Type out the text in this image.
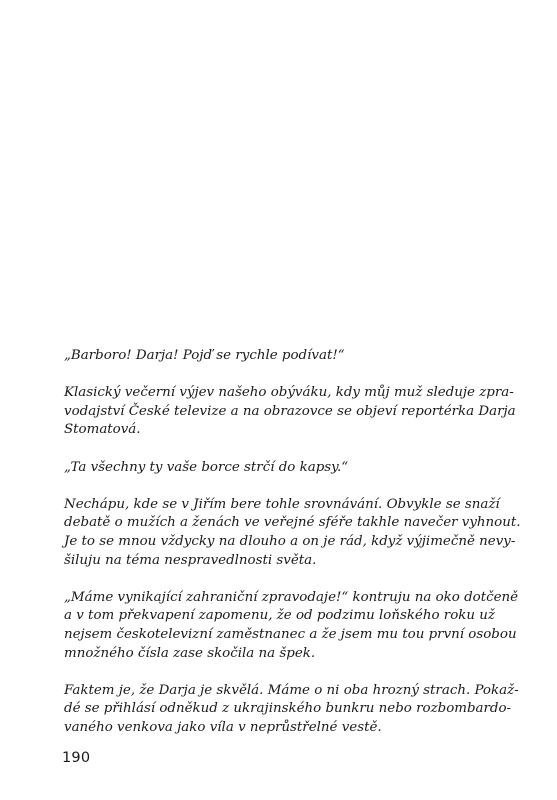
„Barboro! Darja! Pojď se rychle podívat!“

Klasický večerní výjev našeho obýváku, kdy můj muž sleduje zpra-
vodajství České televize a na obrazovce se objeví reportérka Darja
Stomatová.

„Ta všechny ty vaše borce strčí do kapsy.“

Nechápu, kde se v Jiřím bere tohle srovnávání. Obvykle se snaží
debatě o mužích a ženách ve veřejné sféře takhle navečer vyhnout.
Je to se mnou vždycky na dlouho a on je rád, když výjimečně nevy-
šiluju na téma nespravedlnosti světa.

„Máme vynikající zahraniční zpravodaje!“ kontruju na oko dotčeně
a v tom překvapení zapomenu, že od podzimu loňského roku už
nejsem českotelevizní zaměstnanec a že jsem mu tou první osobou
množného čísla zase skočila na špek.

Faktem je, že Darja je skvělá. Máme o ni oba hrozný strach. Pokaž-
dé se přihlásí odněkud z ukrajinského bunkru nebo rozbombardo-
vaného venkova jako víla v neprůstřelné vestě.

190
